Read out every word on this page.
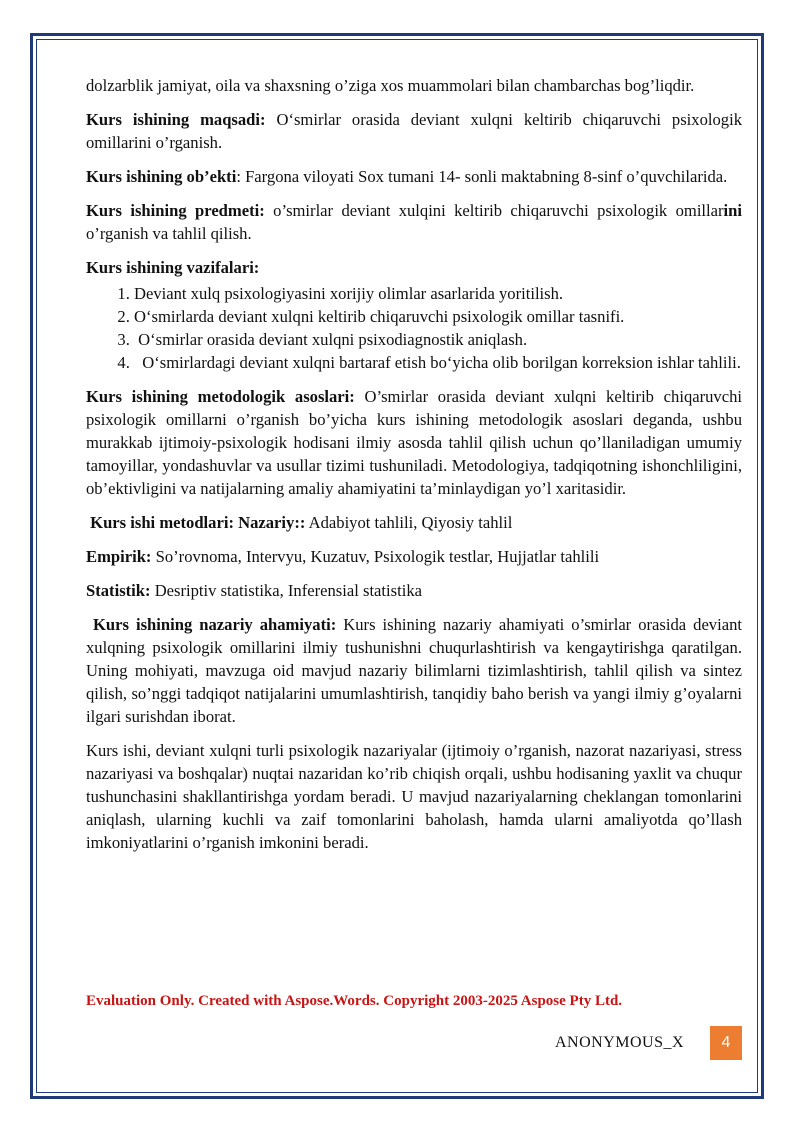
dolzarblik jamiyat, oila va shaxsning o’ziga xos muammolari bilan chambarchas bog’liqdir.

Kurs ishining maqsadi: O‘smirlar orasida deviant xulqni keltirib chiqaruvchi psixologik omillarini o’rganish.

Kurs ishining ob’ekti: Fargona viloyati Sox tumani 14- sonli maktabning 8-sinf o’quvchilarida.

Kurs ishining predmeti: o’smirlar deviant xulqini keltirib chiqaruvchi psixologik omillarini o’rganish va tahlil qilish.

Kurs ishining vazifalari:

1. Deviant xulq psixologiyasini xorijiy olimlar asarlarida yoritilish.
2. O‘smirlarda deviant xulqni keltirib chiqaruvchi psixologik omillar tasnifi.
3.  O‘smirlar orasida deviant xulqni psixodiagnostik aniqlash.
4.   O‘smirlardagi deviant xulqni bartaraf etish bo‘yicha olib borilgan korreksion ishlar tahlili.

Kurs ishining metodologik asoslari: O’smirlar orasida deviant xulqni keltirib chiqaruvchi psixologik omillarni o’rganish bo’yicha kurs ishining metodologik asoslari deganda, ushbu murakkab ijtimoiy-psixologik hodisani ilmiy asosda tahlil qilish uchun qo’llaniladigan umumiy tamoyillar, yondashuvlar va usullar tizimi tushuniladi. Metodologiya, tadqiqotning ishonchliligini, ob’ektivligini va natijalarning amaliy ahamiyatini ta’minlaydigan yo’l xaritasidir.

Kurs ishi metodlari: Nazariy:: Adabiyot tahlili, Qiyosiy tahlil

Empirik: So’rovnoma, Intervyu, Kuzatuv, Psixologik testlar, Hujjatlar tahlili

Statistik: Desriptiv statistika, Inferensial statistika

Kurs ishining nazariy ahamiyati: Kurs ishining nazariy ahamiyati o’smirlar orasida deviant xulqning psixologik omillarini ilmiy tushunishni chuqurlashtirish va kengaytirishga qaratilgan. Uning mohiyati, mavzuga oid mavjud nazariy bilimlarni tizimlashtirish, tahlil qilish va sintez qilish, so’nggi tadqiqot natijalarini umumlashtirish, tanqidiy baho berish va yangi ilmiy g’oyalarni ilgari surishdan iborat.

Kurs ishi, deviant xulqni turli psixologik nazariyalar (ijtimoiy o’rganish, nazorat nazariyasi, stress nazariyasi va boshqalar) nuqtai nazaridan ko’rib chiqish orqali, ushbu hodisaning yaxlit va chuqur tushunchasini shakllantirishga yordam beradi. U mavjud nazariyalarning cheklangan tomonlarini aniqlash, ularning kuchli va zaif tomonlarini baholash, hamda ularni amaliyotda qo’llash imkoniyatlarini o’rganish imkonini beradi.

Evaluation Only. Created with Aspose.Words. Copyright 2003-2025 Aspose Pty Ltd.
ANONYMOUS_X	4
